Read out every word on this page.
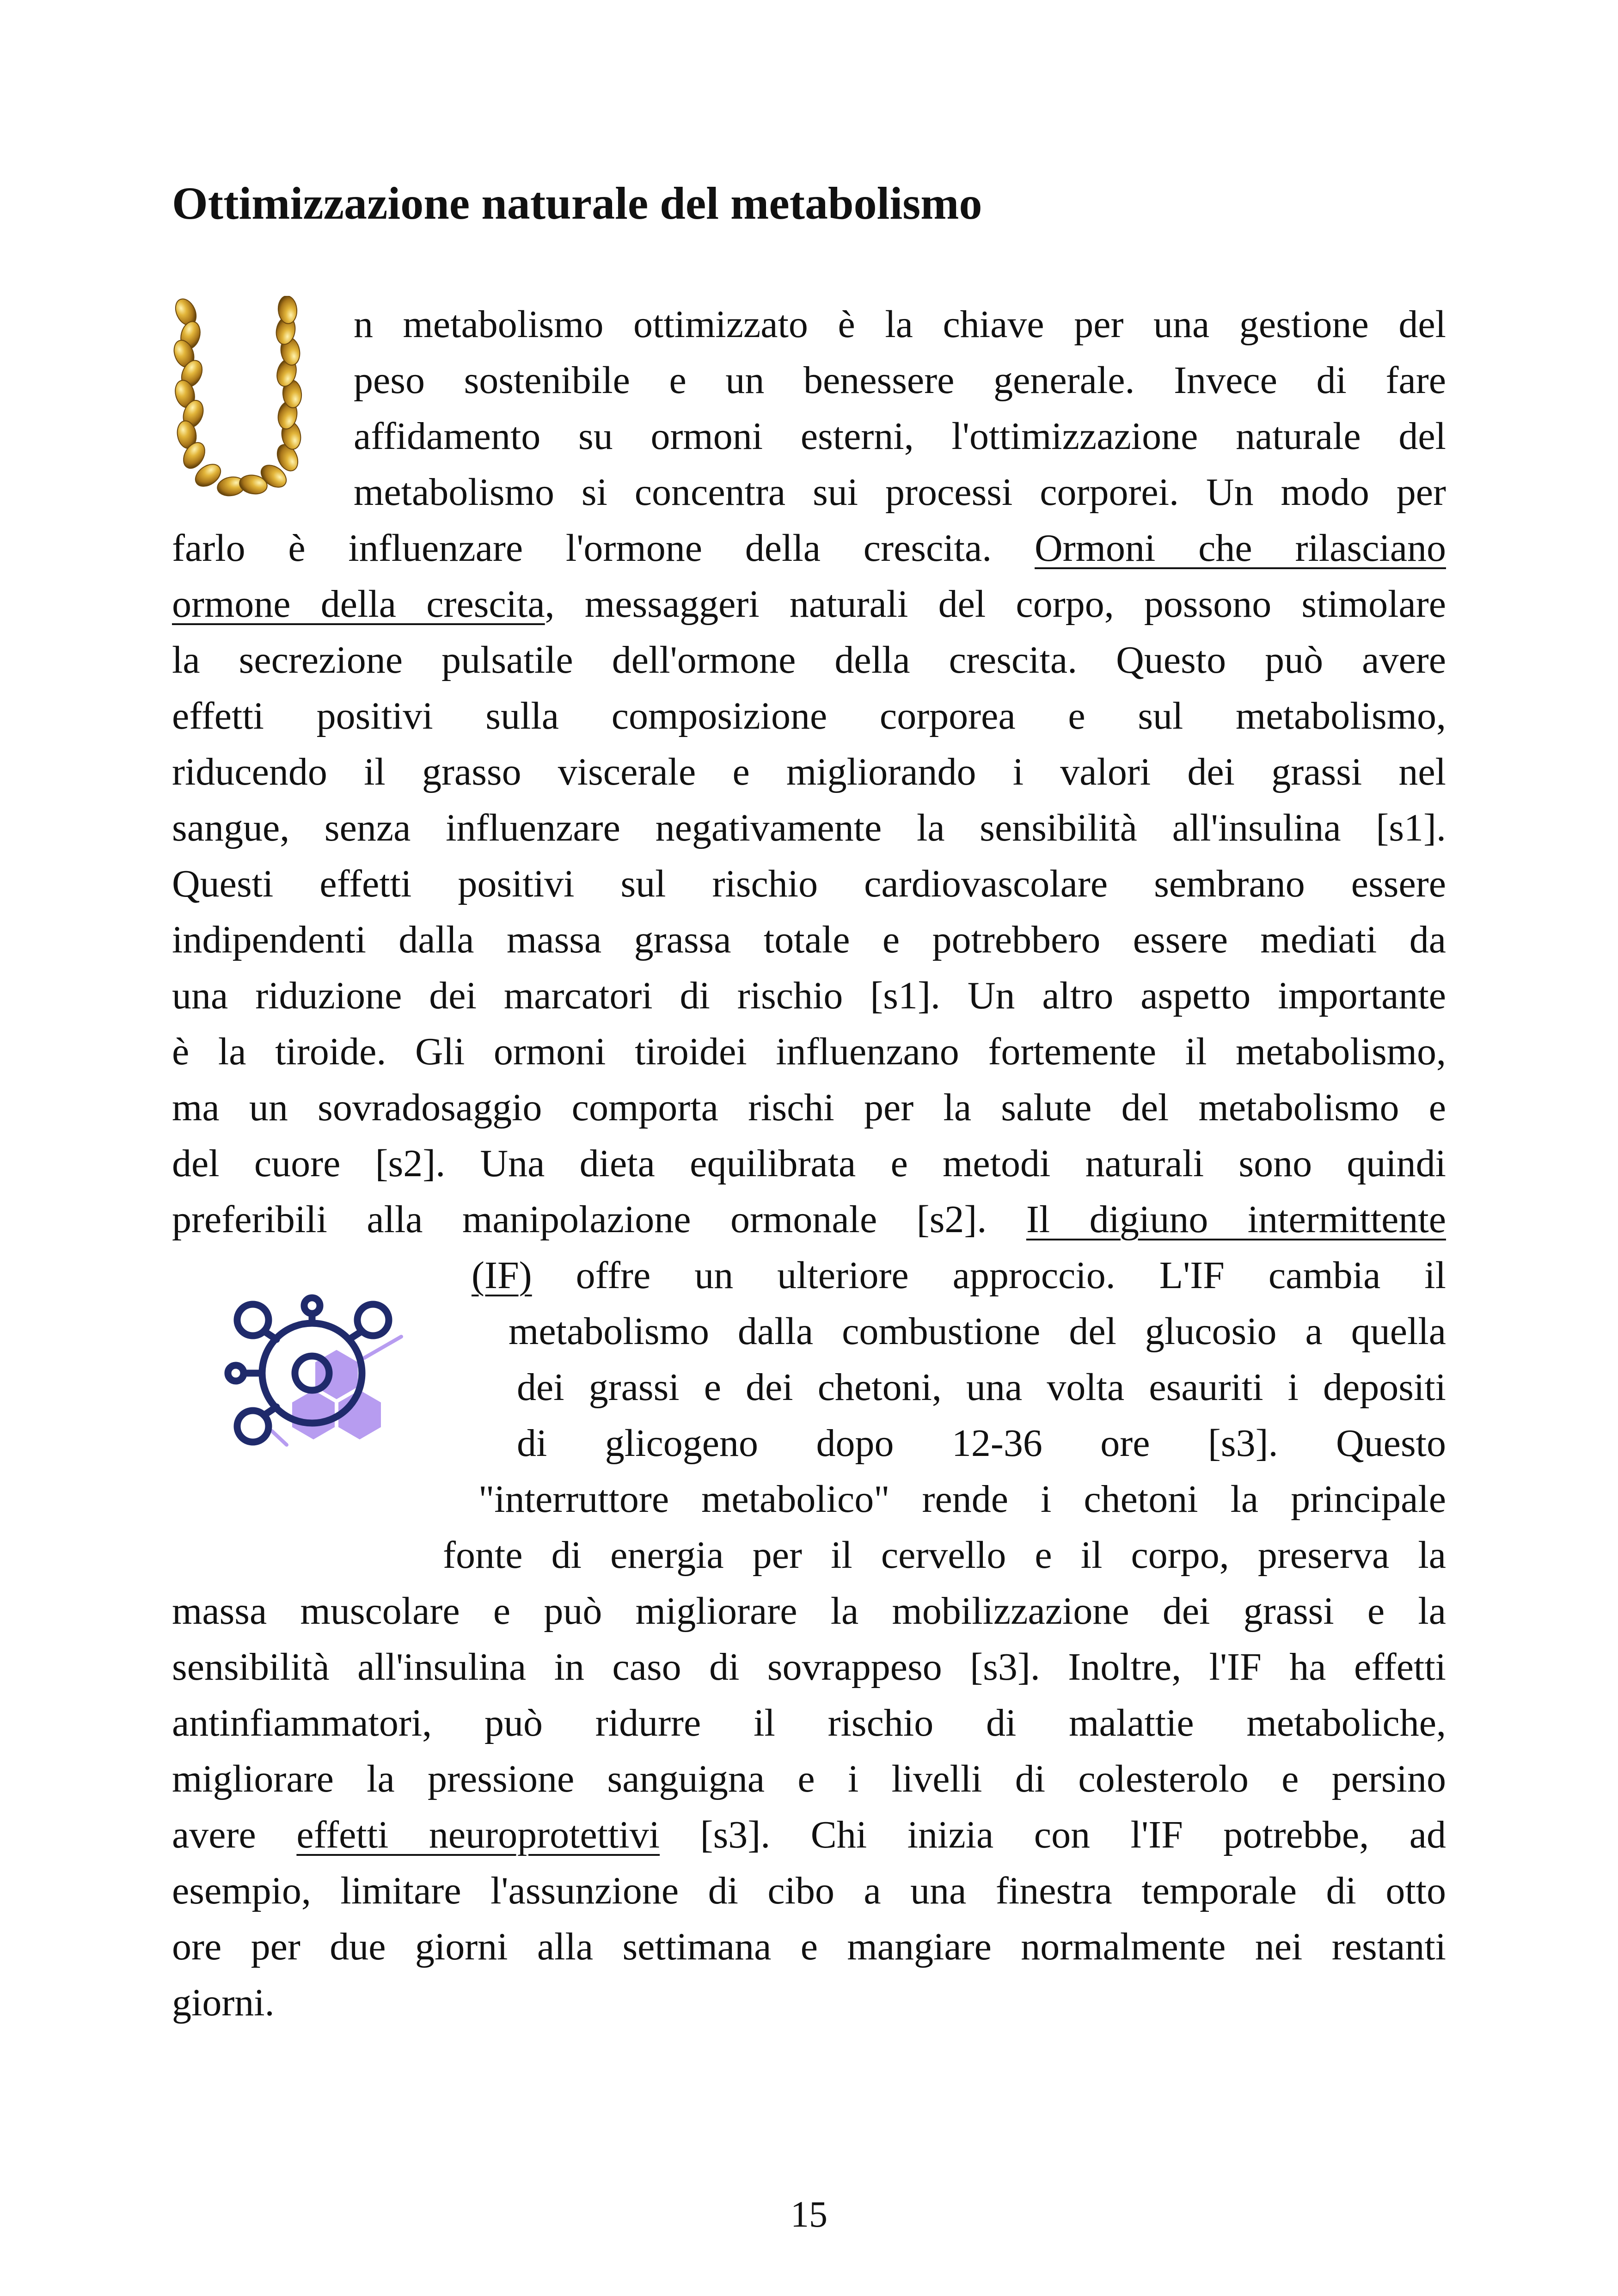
Ottimizzazione naturale del metabolismo
n metabolismo ottimizzato è la chiave per una gestione del
peso sostenibile e un benessere generale. Invece di fare
affidamento su ormoni esterni, l'ottimizzazione naturale del
metabolismo si concentra sui processi corporei. Un modo per
farlo è influenzare l'ormone della crescita. Ormoni che rilasciano
ormone della crescita, messaggeri naturali del corpo, possono stimolare
la secrezione pulsatile dell'ormone della crescita. Questo può avere
effetti positivi sulla composizione corporea e sul metabolismo,
riducendo il grasso viscerale e migliorando i valori dei grassi nel
sangue, senza influenzare negativamente la sensibilità all'insulina [s1].
Questi effetti positivi sul rischio cardiovascolare sembrano essere
indipendenti dalla massa grassa totale e potrebbero essere mediati da
una riduzione dei marcatori di rischio [s1]. Un altro aspetto importante
è la tiroide. Gli ormoni tiroidei influenzano fortemente il metabolismo,
ma un sovradosaggio comporta rischi per la salute del metabolismo e
del cuore [s2]. Una dieta equilibrata e metodi naturali sono quindi
preferibili alla manipolazione ormonale [s2]. Il digiuno intermittente
(IF) offre un ulteriore approccio. L'IF cambia il
metabolismo dalla combustione del glucosio a quella
dei grassi e dei chetoni, una volta esauriti i depositi
di glicogeno dopo 12-36 ore [s3]. Questo
"interruttore metabolico" rende i chetoni la principale
fonte di energia per il cervello e il corpo, preserva la
massa muscolare e può migliorare la mobilizzazione dei grassi e la
sensibilità all'insulina in caso di sovrappeso [s3]. Inoltre, l'IF ha effetti
antinfiammatori, può ridurre il rischio di malattie metaboliche,
migliorare la pressione sanguigna e i livelli di colesterolo e persino
avere effetti neuroprotettivi [s3]. Chi inizia con l'IF potrebbe, ad
esempio, limitare l'assunzione di cibo a una finestra temporale di otto
ore per due giorni alla settimana e mangiare normalmente nei restanti
giorni.
15
